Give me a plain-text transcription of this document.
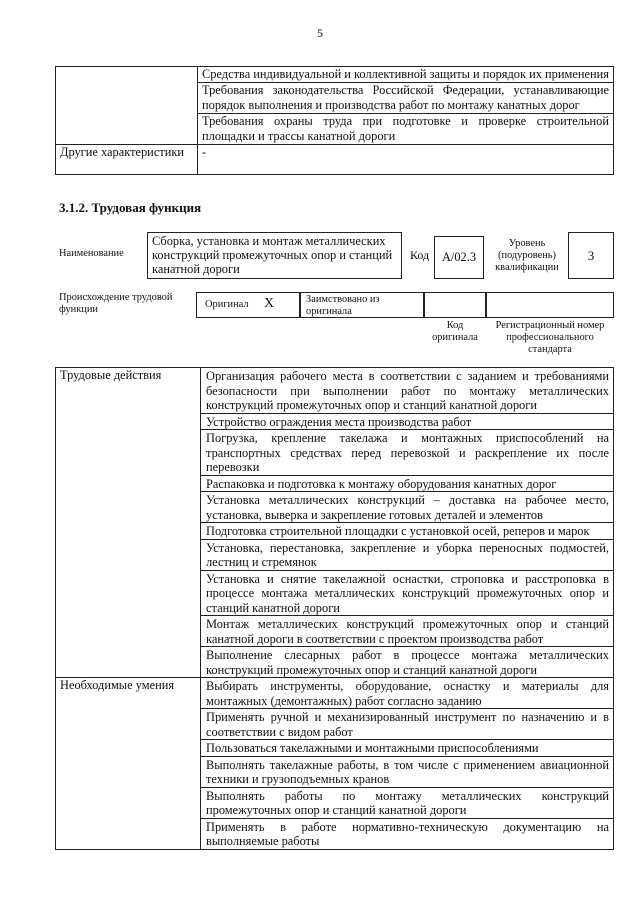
5
	Средства индивидуальной и коллективной защиты и порядок их применения
	Требования законодательства Российской Федерации, устанавливающие порядок выполнения и производства работ по монтажу канатных дорог
	Требования охраны труда при подготовке и проверке строительной площадки и трассы канатной дороги
Другие характеристики	-
3.1.2. Трудовая функция
Наименование
Сборка, установка и монтаж металлических конструкций промежуточных опор и станций канатной дороги
Код	А/02.3
Уровень (подуровень) квалификации
3
Происхождение трудовой функции	Оригинал Х	Заимствовано из оригинала
Код оригинала
Регистрационный номер профессионального стандарта
Трудовые действия	Организация рабочего места в соответствии с заданием и требованиями безопасности при выполнении работ по монтажу металлических конструкций промежуточных опор и станций канатной дороги
	Устройство ограждения места производства работ
	Погрузка, крепление такелажа и монтажных приспособлений на транспортных средствах перед перевозкой и раскрепление их после перевозки
	Распаковка и подготовка к монтажу оборудования канатных дорог
	Установка металлических конструкций – доставка на рабочее место, установка, выверка и закрепление готовых деталей и элементов
	Подготовка строительной площадки с установкой осей, реперов и марок
	Установка, перестановка, закрепление и уборка переносных подмостей, лестниц и стремянок
	Установка и снятие такелажной оснастки, строповка и расстроповка в процессе монтажа металлических конструкций промежуточных опор и станций канатной дороги
	Монтаж металлических конструкций промежуточных опор и станций канатной дороги в соответствии с проектом производства работ
	Выполнение слесарных работ в процессе монтажа металлических конструкций промежуточных опор и станций канатной дороги
Необходимые умения	Выбирать инструменты, оборудование, оснастку и материалы для монтажных (демонтажных) работ согласно заданию
	Применять ручной и механизированный инструмент по назначению и в соответствии с видом работ
	Пользоваться такелажными и монтажными приспособлениями
	Выполнять такелажные работы, в том числе с применением авиационной техники и грузоподъемных кранов
	Выполнять работы по монтажу металлических конструкций промежуточных опор и станций канатной дороги
	Применять в работе нормативно-техническую документацию на выполняемые работы
